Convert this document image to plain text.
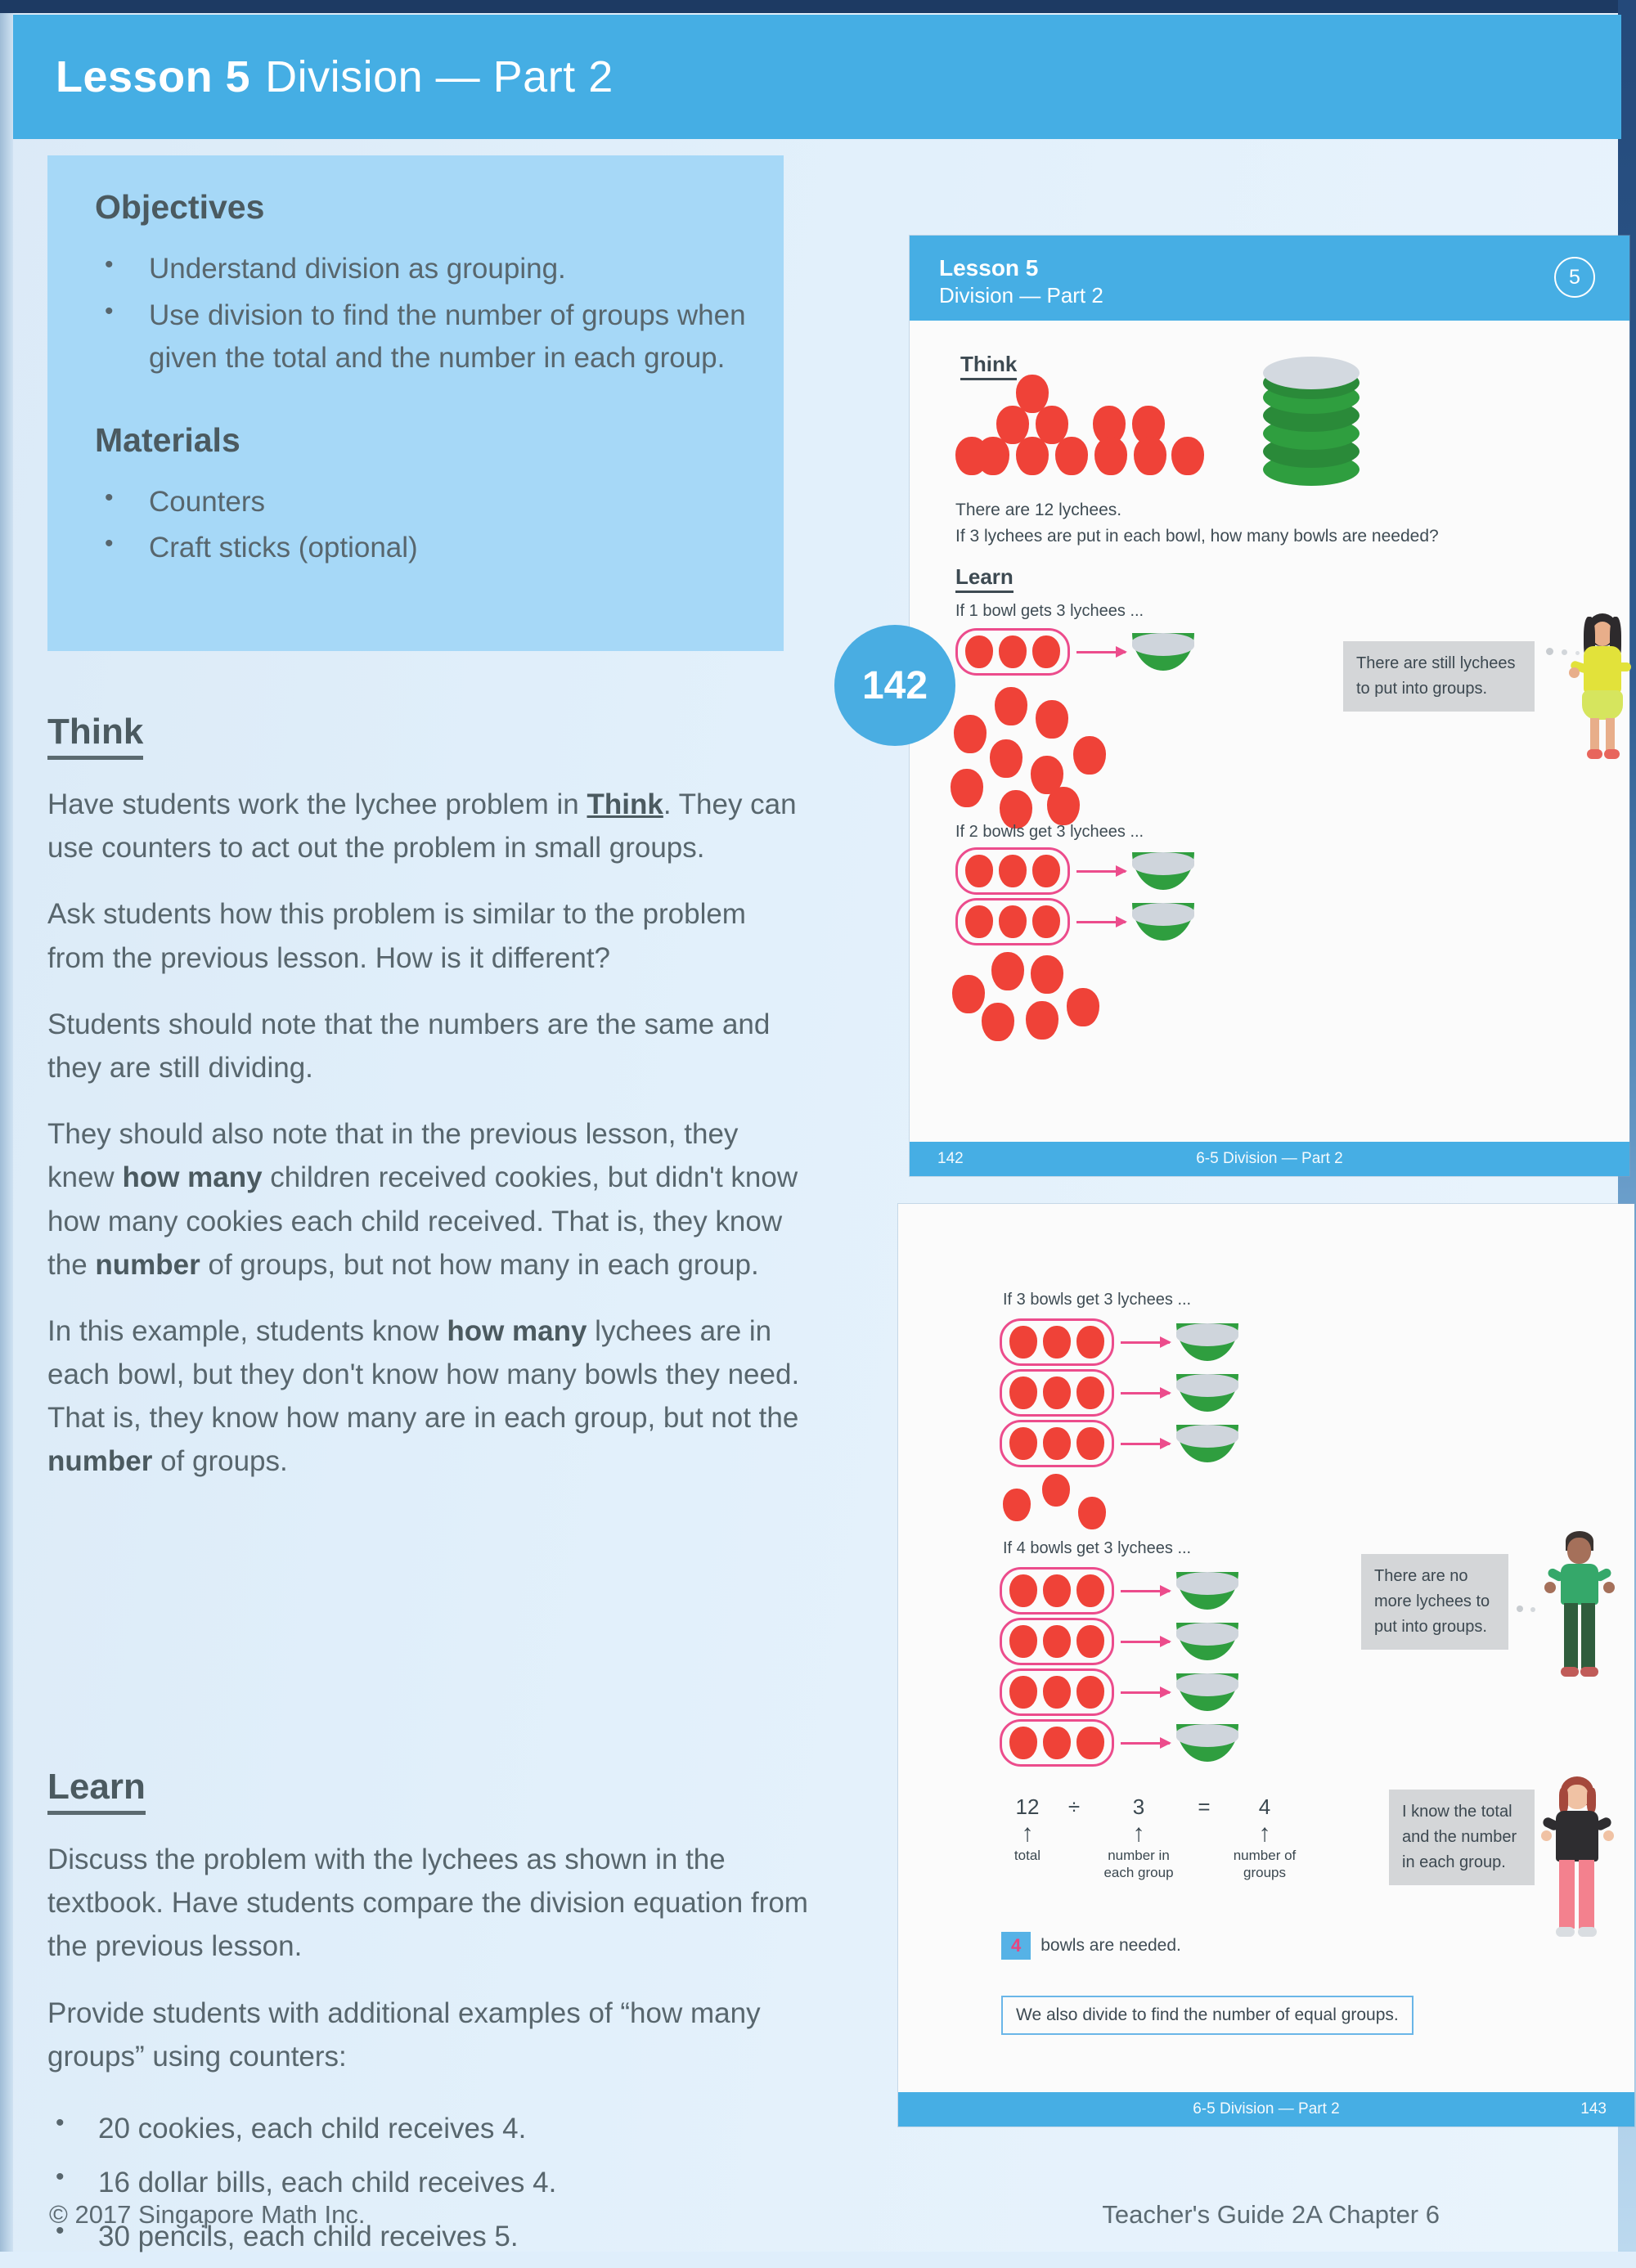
Lesson 5 Division — Part 2
Objectives
• Understand division as grouping.
• Use division to find the number of groups when given the total and the number in each group.
Materials
• Counters
• Craft sticks (optional)
Think

Have students work the lychee problem in Think. They can use counters to act out the problem in small groups.

Ask students how this problem is similar to the problem from the previous lesson. How is it different?

Students should note that the numbers are the same and they are still dividing.

They should also note that in the previous lesson, they knew how many children received cookies, but didn't know how many cookies each child received. That is, they know the number of groups, but not how many in each group.

In this example, students know how many lychees are in each bowl, but they don't know how many bowls they need. That is, they know how many are in each group, but not the number of groups.

Learn

Discuss the problem with the lychees as shown in the textbook. Have students compare the division equation from the previous lesson.

Provide students with additional examples of “how many groups” using counters:

• 20 cookies, each child receives 4.
• 16 dollar bills, each child receives 4.
• 30 pencils, each child receives 5.
© 2017 Singapore Math Inc.	Teacher's Guide 2A Chapter 6
142
Lesson 5
Division — Part 2
5
Think
There are 12 lychees.
If 3 lychees are put in each bowl, how many bowls are needed?
Learn
If 1 bowl gets 3 lychees ...
If 2 bowls get 3 lychees ...
There are still lychees to put into groups.

142	6-5 Division — Part 2
If 3 bowls get 3 lychees ...
If 4 bowls get 3 lychees ...
There are no more lychees to put into groups.

12
↑
total
÷	3
↑
number in each group
=	4
↑
number of groups
I know the total and the number in each group.
4	bowls are needed.
We also divide to find the number of equal groups.
6-5 Division — Part 2	143
